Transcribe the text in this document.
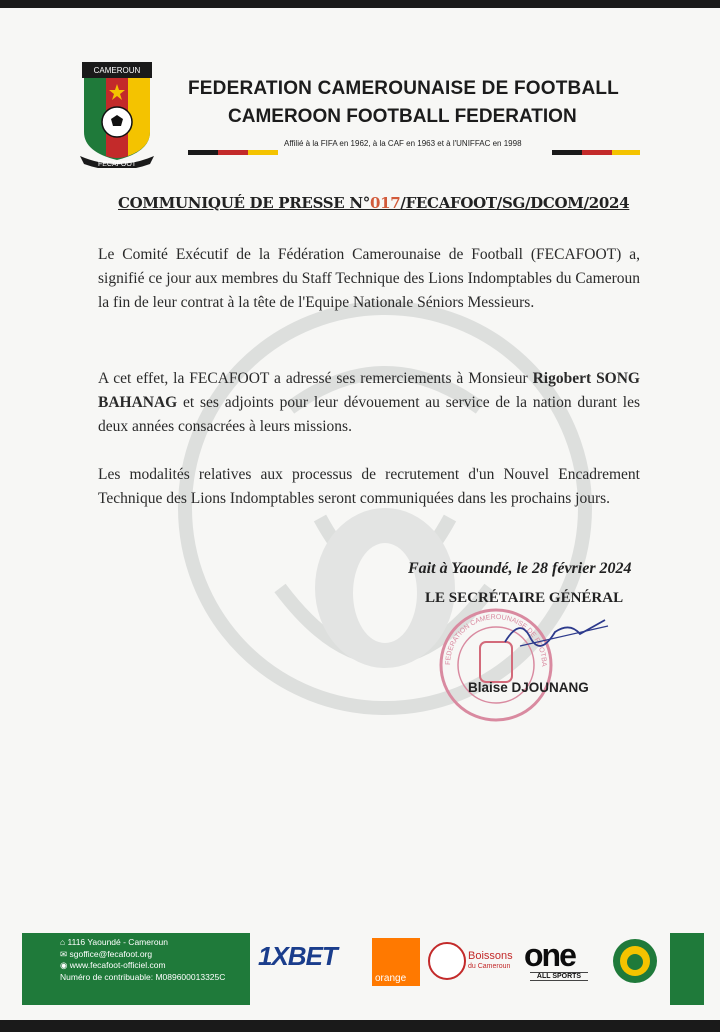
CAMEROUN
FECAFOOT
FEDERATION CAMEROUNAISE DE FOOTBALL
CAMEROON FOOTBALL FEDERATION
Affilié à la FIFA en 1962, à la CAF en 1963 et à l'UNIFFAC en 1998
COMMUNIQUÉ DE PRESSE N°017/FECAFOOT/SG/DCOM/2024
Le Comité Exécutif de la Fédération Camerounaise de Football (FECAFOOT) a, signifié ce jour aux membres du Staff Technique des Lions Indomptables du Cameroun la fin de leur contrat à la tête de l'Equipe Nationale Séniors Messieurs.
A cet effet, la FECAFOOT a adressé ses remerciements à Monsieur Rigobert SONG BAHANAG et ses adjoints pour leur dévouement au service de la nation durant les deux années consacrées à leurs missions.
Les modalités relatives aux processus de recrutement d'un Nouvel Encadrement Technique des Lions Indomptables seront communiquées dans les prochains jours.
Fait à Yaoundé, le 28 février 2024
LE SECRÉTAIRE GÉNÉRAL
FEDERATION CAMEROUNAISE DE FOOTBA
Blaise DJOUNANG
⌂ 1116 Yaoundé - Cameroun
✉ sgoffice@fecafoot.org
◉ www.fecafoot-officiel.com
Numéro de contribuable: M089600013325C
1XBET
orange
Boissons
du Cameroun one
ALL SPORTS
